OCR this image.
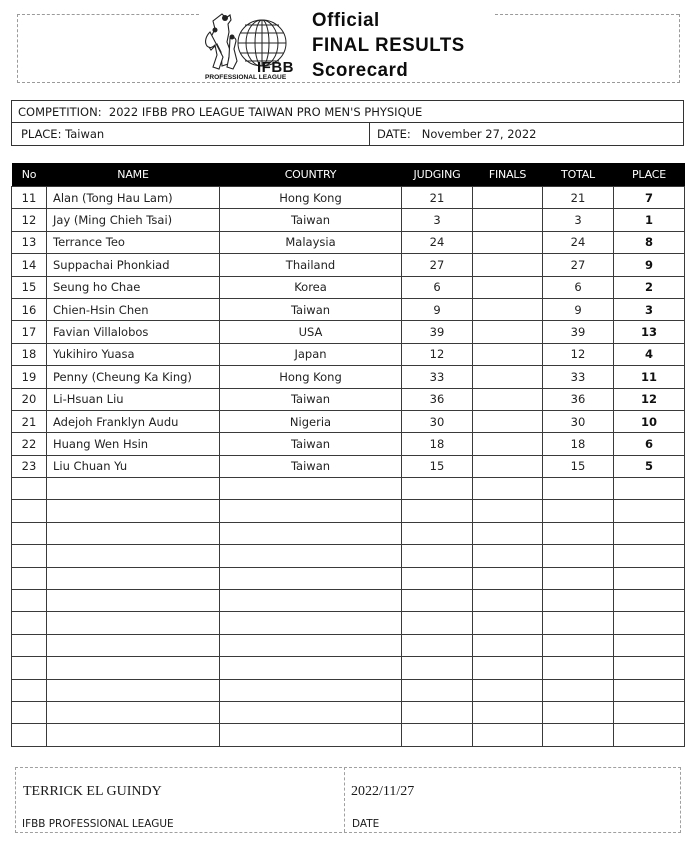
IFBB
PROFESSIONAL LEAGUE
Official
FINAL RESULTS
Scorecard
COMPETITION: 2022 IFBB PRO LEAGUE TAIWAN PRO MEN'S PHYSIQUE
PLACE: Taiwan	DATE: November 27, 2022
No	NAME	COUNTRY	JUDGING	FINALS	TOTAL	PLACE
11	Alan (Tong Hau Lam)	Hong Kong	21		21	7
12	Jay (Ming Chieh Tsai)	Taiwan	3		3	1
13	Terrance Teo	Malaysia	24		24	8
14	Suppachai Phonkiad	Thailand	27		27	9
15	Seung ho Chae	Korea	6		6	2
16	Chien-Hsin Chen	Taiwan	9		9	3
17	Favian Villalobos	USA	39		39	13
18	Yukihiro Yuasa	Japan	12		12	4
19	Penny (Cheung Ka King)	Hong Kong	33		33	11
20	Li-Hsuan Liu	Taiwan	36		36	12
21	Adejoh Franklyn Audu	Nigeria	30		30	10
22	Huang Wen Hsin	Taiwan	18		18	6
23	Liu Chuan Yu	Taiwan	15		15	5

TERRICK EL GUINDY
IFBB PROFESSIONAL LEAGUE
2022/11/27
DATE
